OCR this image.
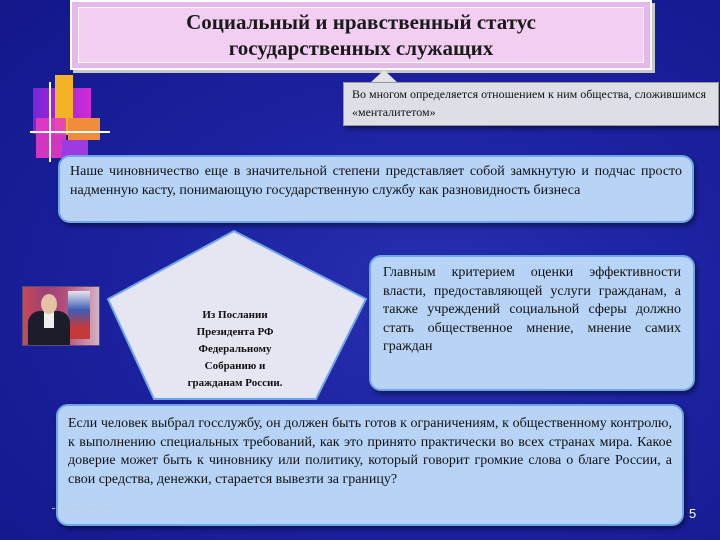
Социальный и нравственный статус
государственных служащих
Во многом определяется отношением к ним общества, сложившимся «менталитетом»
Наше чиновничество еще в значительной степени представляет собой замкнутую и подчас просто надменную касту, понимающую государственную службу как разновидность бизнеса
Из Послании
Президента РФ
Федеральному
Собранию и
гражданам России.
Главным критерием оценки эффективности власти, предоставляющей услуги гражданам, а также учреждений социальной сферы должно стать общественное мнение, мнение самих граждан
Если человек выбрал госслужбу, он должен быть готов к ограничениям, к общественному контролю, к выполнению специальных требований, как это принято практически во всех странах мира. Какое доверие может быть к чиновнику или политику, который говорит громкие слова о благе России, а свои средства, денежки, старается вывезти за границу?
5
